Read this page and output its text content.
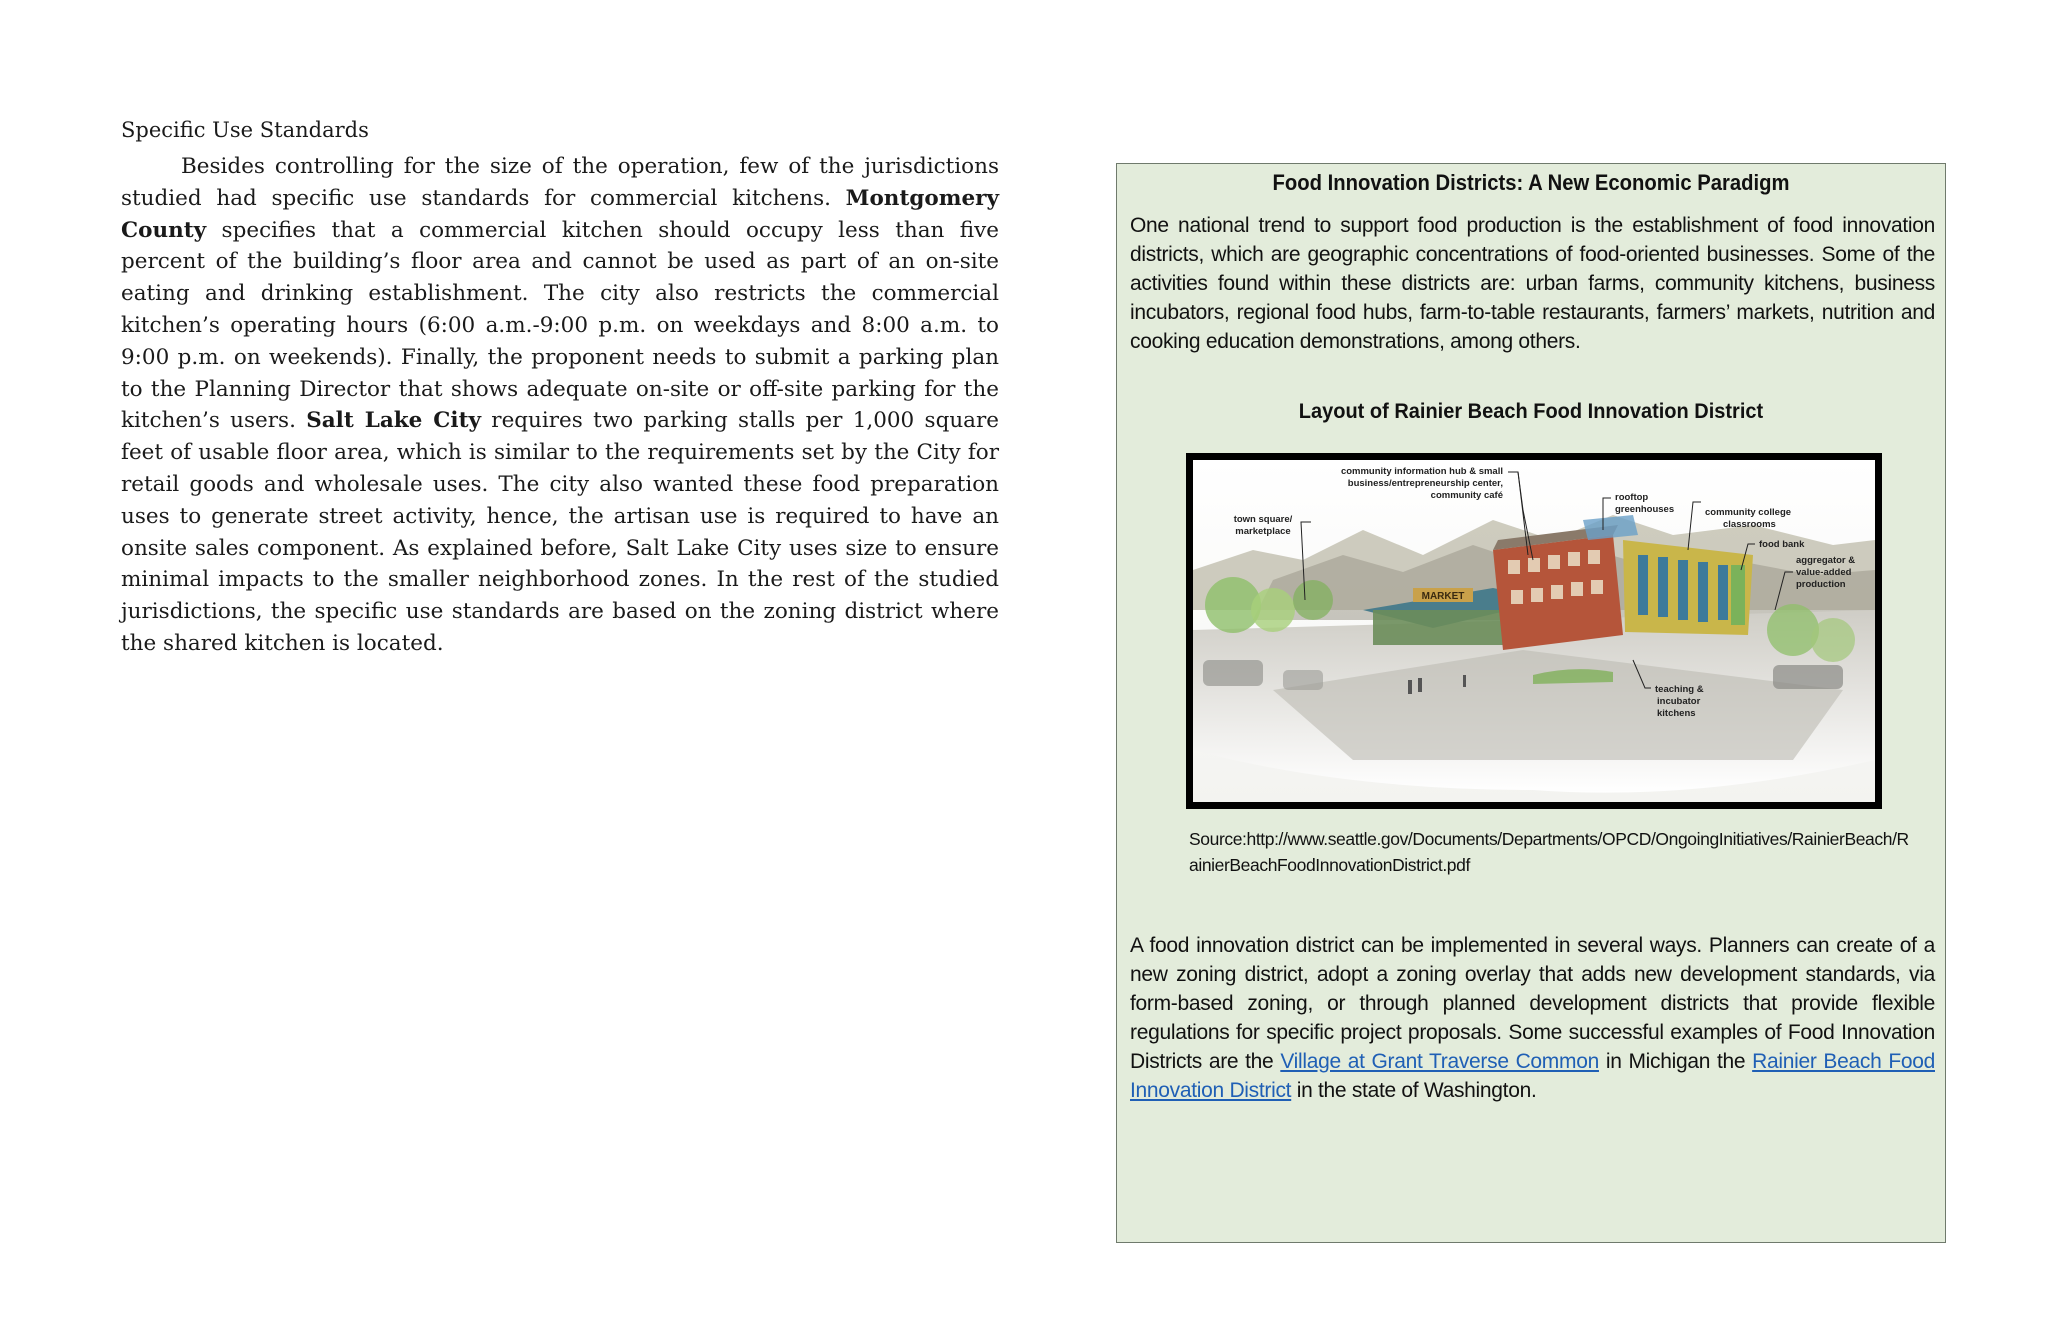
Specific Use Standards

Besides controlling for the size of the operation, few of the jurisdictions studied had specific use standards for commercial kitchens. Montgomery County specifies that a commercial kitchen should occupy less than five percent of the building’s floor area and cannot be used as part of an on-site eating and drinking establishment. The city also restricts the commercial kitchen’s operating hours (6:00 a.m.-9:00 p.m. on weekdays and 8:00 a.m. to 9:00 p.m. on weekends). Finally, the proponent needs to submit a parking plan to the Planning Director that shows adequate on-site or off-site parking for the kitchen’s users. Salt Lake City requires two parking stalls per 1,000 square feet of usable floor area, which is similar to the requirements set by the City for retail goods and wholesale uses. The city also wanted these food preparation uses to generate street activity, hence, the artisan use is required to have an onsite sales component. As explained before, Salt Lake City uses size to ensure minimal impacts to the smaller neighborhood zones. In the rest of the studied jurisdictions, the specific use standards are based on the zoning district where the shared kitchen is located.

Food Innovation Districts: A New Economic Paradigm

One national trend to support food production is the establishment of food innovation districts, which are geographic concentrations of food-oriented businesses. Some of the activities found within these districts are: urban farms, community kitchens, business incubators, regional food hubs, farm-to-table restaurants, farmers’ markets, nutrition and cooking education demonstrations, among others.

Layout of Rainier Beach Food Innovation District
MARKET
community information hub & small
business/entrepreneurship center,
community café
town square/
marketplace
rooftop
greenhouses	community college
classrooms
food bank
aggregator &
value-added
production
teaching &
incubator
kitchens
Source:http://www.seattle.gov/Documents/Departments/OPCD/OngoingInitiatives/RainierBeach/RainierBeachFoodInnovationDistrict.pdf

A food innovation district can be implemented in several ways. Planners can create of a new zoning district, adopt a zoning overlay that adds new development standards, via form-based zoning, or through planned development districts that provide flexible regulations for specific project proposals. Some successful examples of Food Innovation Districts are the Village at Grant Traverse Common in Michigan the Rainier Beach Food Innovation District in the state of Washington.
